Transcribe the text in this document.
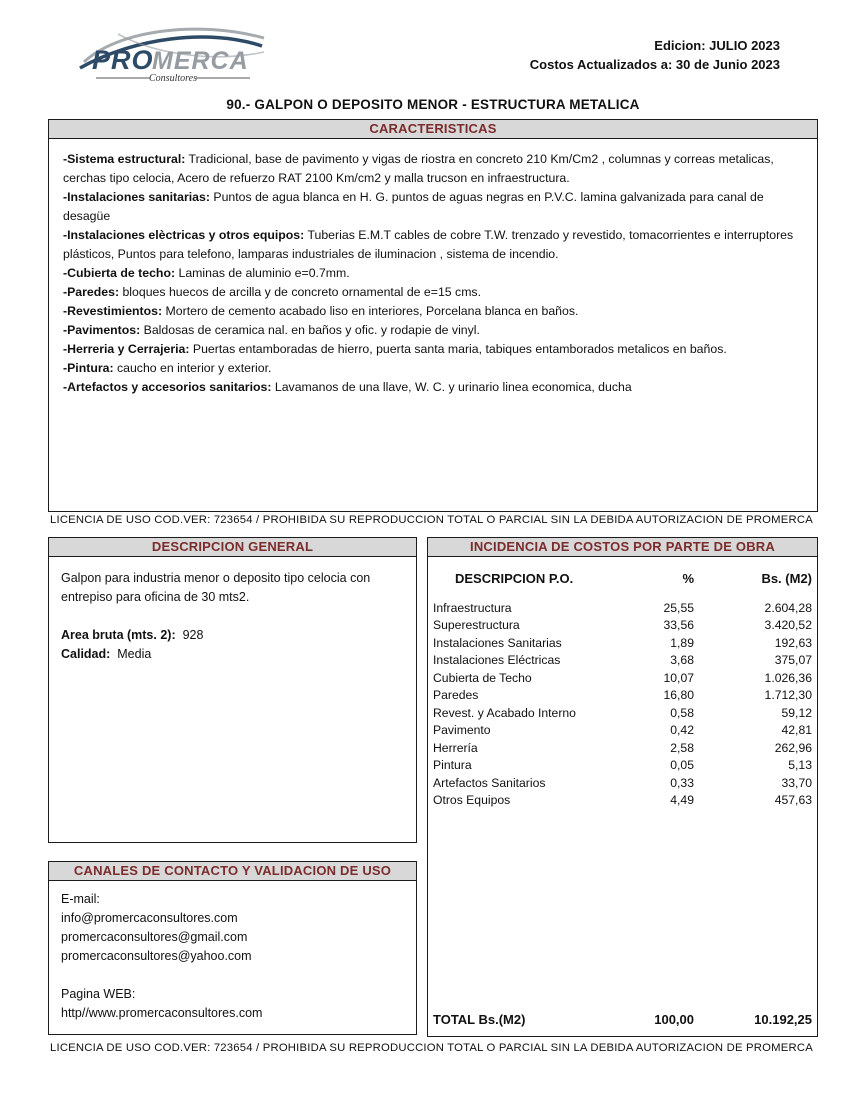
PRO
MERCA
Consultores
Edicion: JULIO 2023
Costos Actualizados a: 30 de Junio 2023
90.- GALPON O DEPOSITO MENOR - ESTRUCTURA METALICA
CARACTERISTICAS
-Sistema estructural: Tradicional, base de pavimento y vigas de riostra en concreto 210 Km/Cm2 , columnas y correas metalicas, cerchas tipo celocia, Acero de refuerzo RAT 2100 Km/cm2 y malla trucson en infraestructura.
-Instalaciones sanitarias: Puntos de agua blanca en H. G. puntos de aguas negras en P.V.C. lamina galvanizada para canal de desagüe
-Instalaciones elèctricas y otros equipos: Tuberias E.M.T cables de cobre T.W. trenzado y revestido, tomacorrientes e interruptores plásticos, Puntos para telefono, lamparas industriales de iluminacion , sistema de incendio.
-Cubierta de techo: Laminas de aluminio e=0.7mm.
-Paredes: bloques huecos de arcilla y de concreto ornamental de e=15 cms.
-Revestimientos: Mortero de cemento acabado liso en interiores, Porcelana blanca en baños.
-Pavimentos: Baldosas de ceramica nal. en baños y ofic. y rodapie de vinyl.
-Herreria y Cerrajeria: Puertas entamboradas de hierro, puerta santa maria, tabiques entamborados metalicos en baños.
-Pintura: caucho en interior y exterior.
-Artefactos y accesorios sanitarios: Lavamanos de una llave, W. C. y urinario linea economica, ducha
LICENCIA DE USO COD.VER: 723654 / PROHIBIDA SU REPRODUCCION TOTAL O PARCIAL SIN LA DEBIDA AUTORIZACION DE PROMERCA
DESCRIPCION GENERAL
Galpon para industria menor o deposito tipo celocia con entrepiso para oficina de 30 mts2.
Area bruta (mts. 2): 928
Calidad: Media
INCIDENCIA DE COSTOS POR PARTE DE OBRA
DESCRIPCION P.O.	%	Bs. (M2)
Infraestructura	25,55	2.604,28
Superestructura	33,56	3.420,52
Instalaciones Sanitarias	1,89	192,63
Instalaciones Eléctricas	3,68	375,07
Cubierta de Techo	10,07	1.026,36
Paredes	16,80	1.712,30
Revest. y Acabado Interno	0,58	59,12
Pavimento	0,42	42,81
Herrería	2,58	262,96
Pintura	0,05	5,13
Artefactos Sanitarios	0,33	33,70
Otros Equipos	4,49	457,63
TOTAL Bs.(M2)	100,00	10.192,25
CANALES DE CONTACTO Y VALIDACION DE USO
E-mail:
info@promercaconsultores.com
promercaconsultores@gmail.com
promercaconsultores@yahoo.com
Pagina WEB:
http//www.promercaconsultores.com
LICENCIA DE USO COD.VER: 723654 / PROHIBIDA SU REPRODUCCION TOTAL O PARCIAL SIN LA DEBIDA AUTORIZACION DE PROMERCA
